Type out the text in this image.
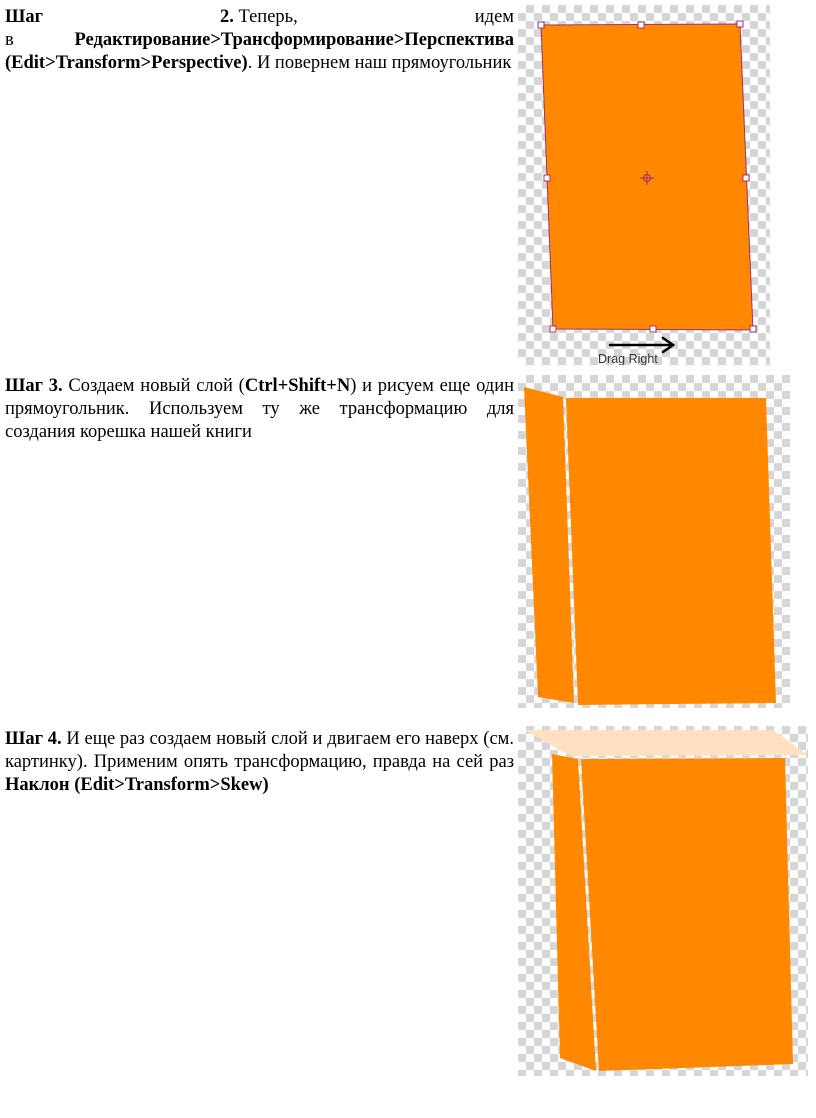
Шаг	2. Теперь,	идем

в Редактирование>Трансформирование>Перспектива (Edit>Transform>Perspective). И повернем наш прямоугольник

Шаг 3. Создаем новый слой (Ctrl+Shift+N) и рисуем еще один прямоугольник. Используем ту же трансформацию для создания корешка нашей книги

Шаг 4. И еще раз создаем новый слой и двигаем его наверх (см. картинку). Применим опять трансформацию, правда на сей раз Наклон (Edit>Transform>Skew)

Drag Right
